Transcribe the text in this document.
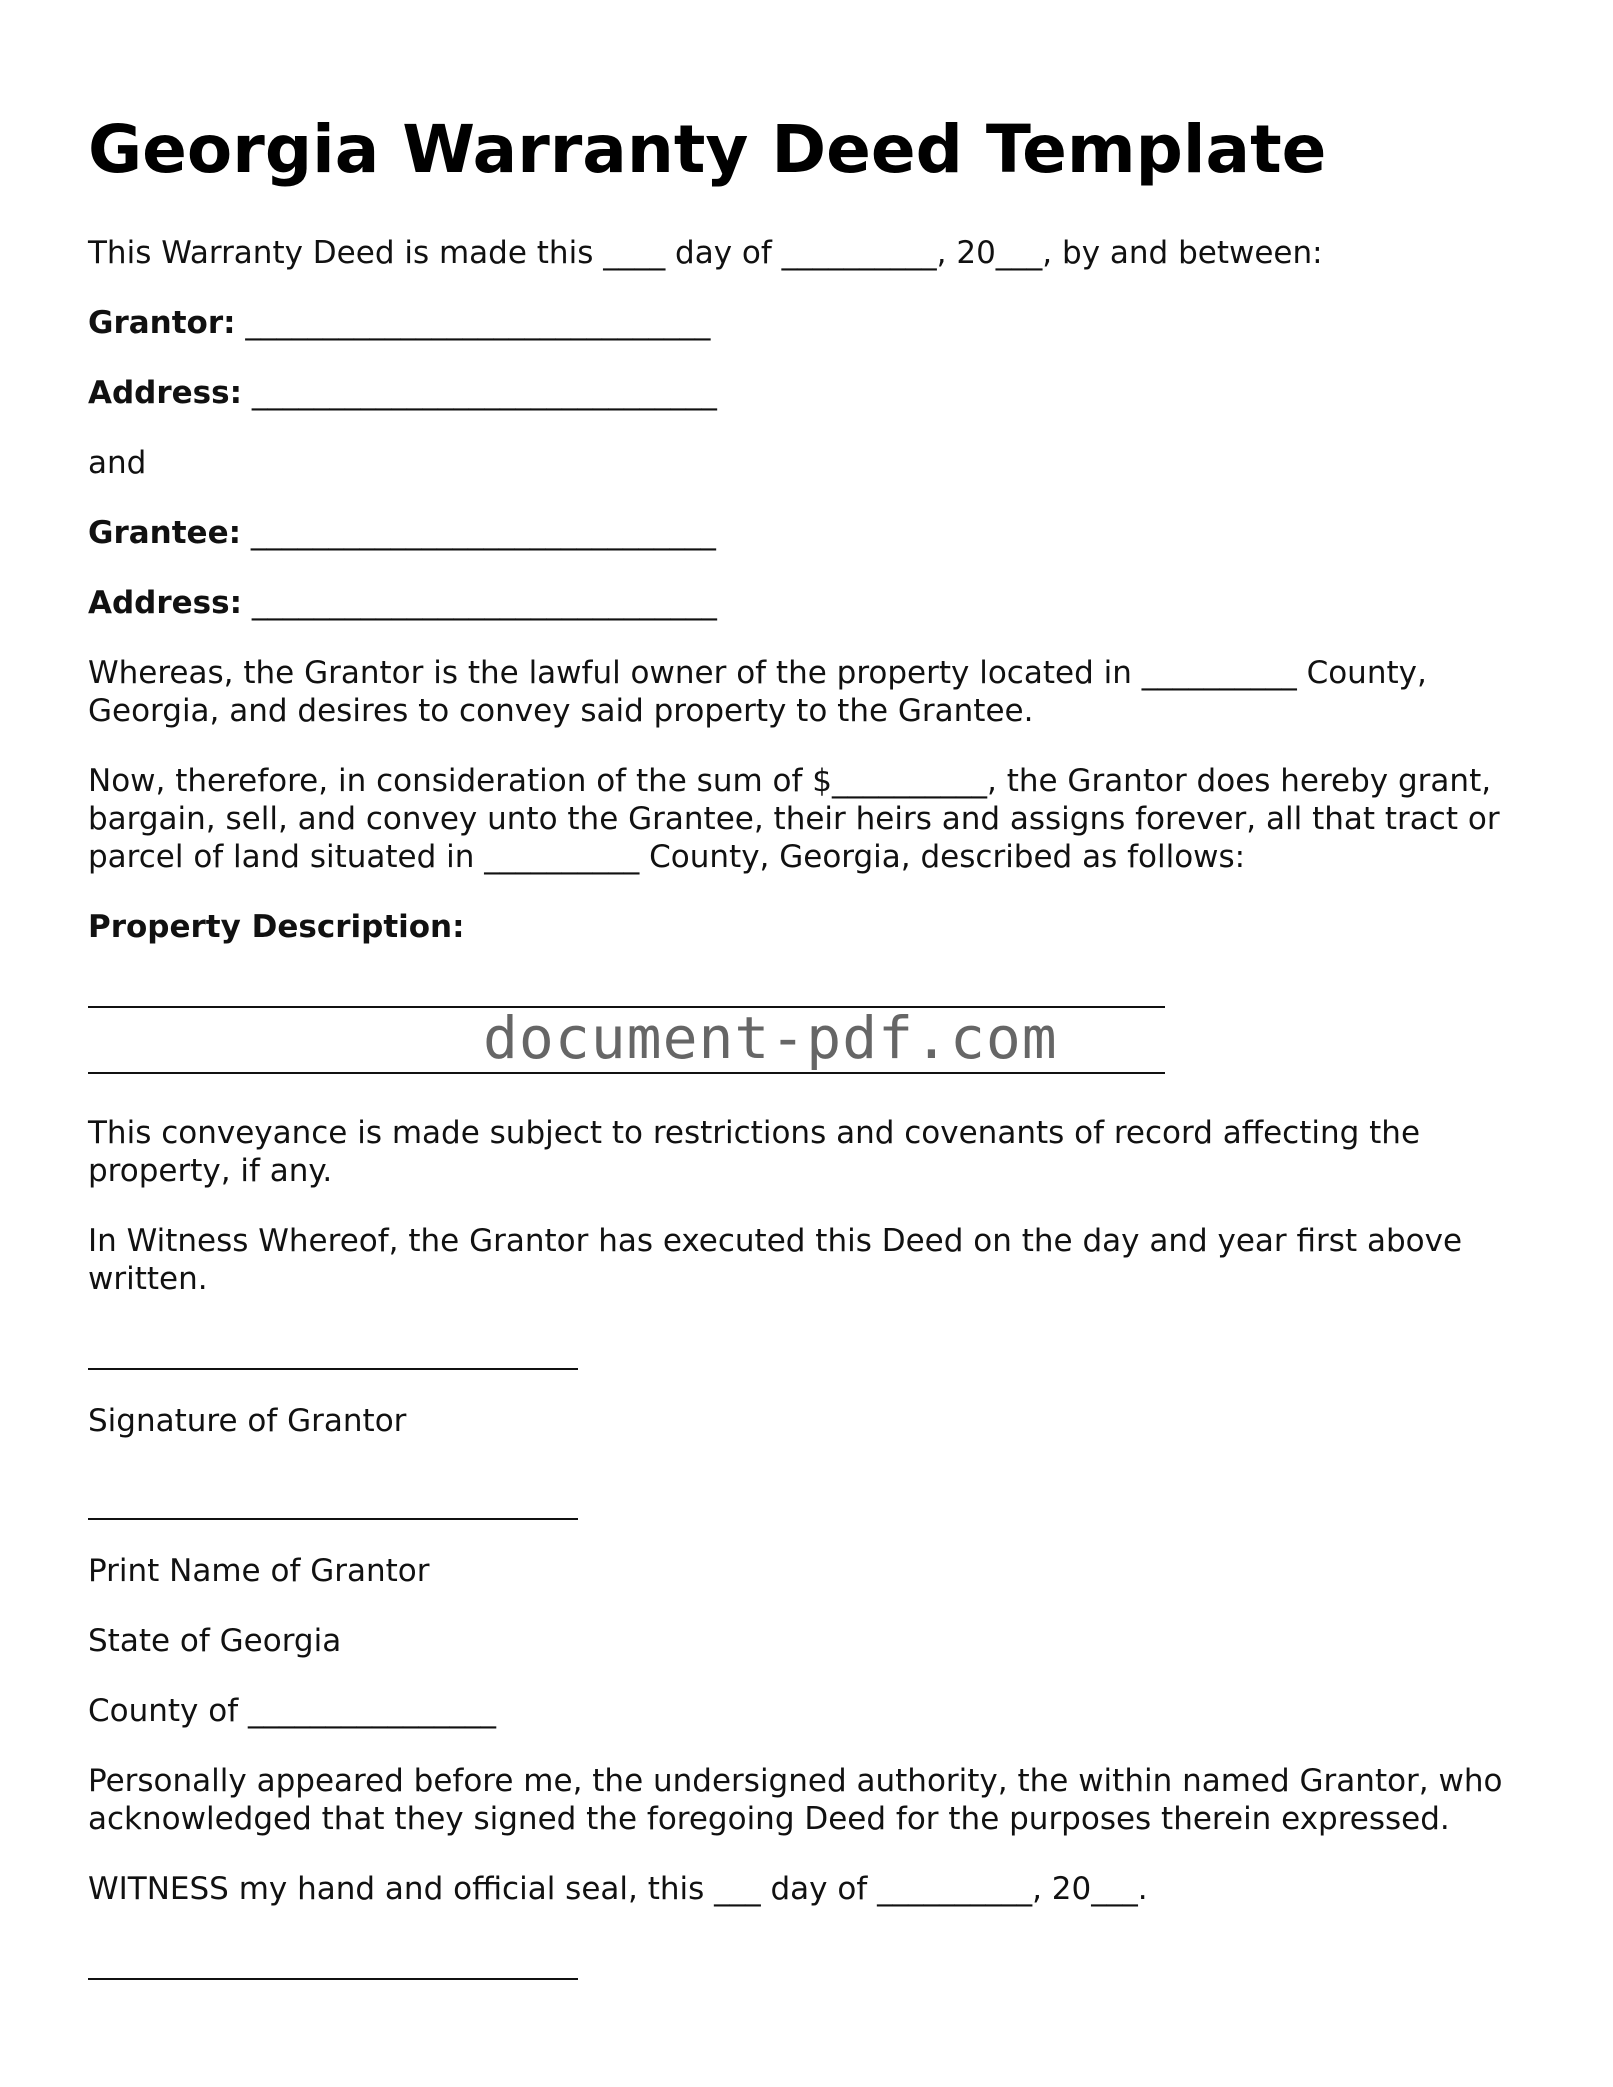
Georgia Warranty Deed Template

This Warranty Deed is made this ____ day of __________, 20___, by and between:

Grantor: ______________________________

Address: ______________________________

and

Grantee: ______________________________

Address: ______________________________

Whereas, the Grantor is the lawful owner of the property located in __________ County, Georgia, and desires to convey said property to the Grantee.

Now, therefore, in consideration of the sum of $__________, the Grantor does hereby grant, bargain, sell, and convey unto the Grantee, their heirs and assigns forever, all that tract or parcel of land situated in __________ County, Georgia, described as follows:

Property Description:

document-pdf.com

This conveyance is made subject to restrictions and covenants of record affecting the property, if any.

In Witness Whereof, the Grantor has executed this Deed on the day and year first above written.

Signature of Grantor

Print Name of Grantor

State of Georgia

County of ________________

Personally appeared before me, the undersigned authority, the within named Grantor, who acknowledged that they signed the foregoing Deed for the purposes therein expressed.

WITNESS my hand and official seal, this ___ day of __________, 20___.
